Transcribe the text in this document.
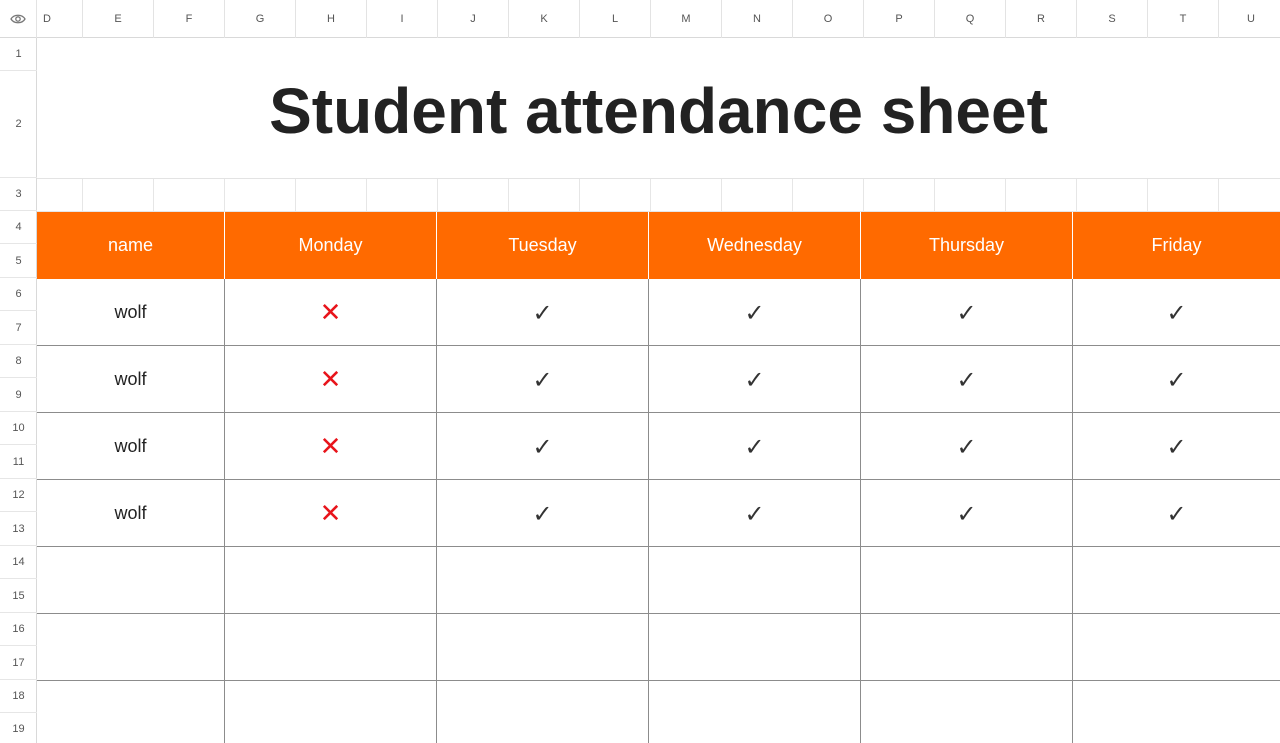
D	E	F	G	H	I	J	K	L	M	N	O	P	Q	R	S	T	U
1
2
3
4
5
6
7
8
9
10
11
12
13
14
15
16
17
18
19
Student attendance sheet
name	Monday	Tuesday	Wednesday	Thursday	Friday
wolf	✕	✓	✓	✓	✓
wolf	✕	✓	✓	✓	✓
wolf	✕	✓	✓	✓	✓
wolf	✕	✓	✓	✓	✓
